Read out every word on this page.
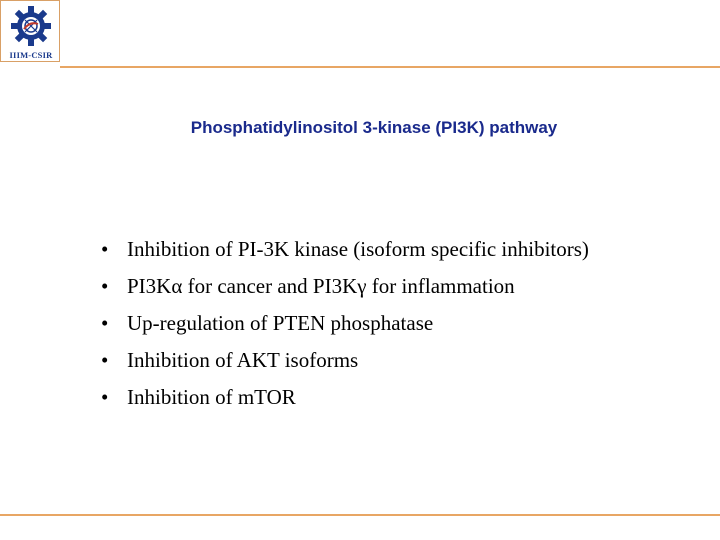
IIIM-CSIR
Phosphatidylinositol 3-kinase (PI3K) pathway
• Inhibition of PI-3K kinase (isoform specific inhibitors)
• PI3Kα for cancer and PI3Kγ for inflammation
• Up-regulation of PTEN phosphatase
• Inhibition of AKT isoforms
• Inhibition of mTOR
